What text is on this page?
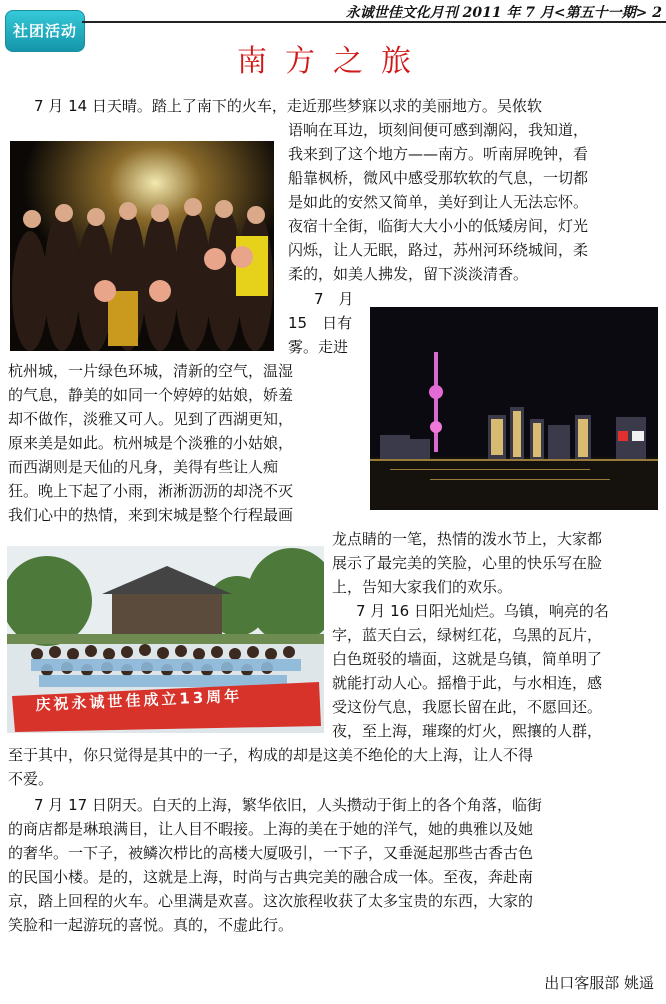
社团活动
永诚世佳文化月刊 2011 年 7 月<第五十一期> 2
南方之旅

7 月 14 日天晴。踏上了南下的火车，走近那些梦寐以求的美丽地方。吴侬软

语响在耳边，顷刻间便可感到潮闷，我知道，

我来到了这个地方——南方。听南屏晚钟，看

船靠枫桥，微风中感受那软软的气息，一切都

是如此的安然又简单，美好到让人无法忘怀。

夜宿十全街，临街大大小小的低矮房间，灯光

闪烁，让人无眠，路过，苏州河环绕城间，柔

柔的，如美人拂发，留下淡淡清香。

7　月

15　日有

雾。走进

杭州城，一片绿色环城，清新的空气，温湿

的气息，静美的如同一个婷婷的姑娘，娇羞

却不做作，淡雅又可人。见到了西湖更知，

原来美是如此。杭州城是个淡雅的小姑娘，

而西湖则是天仙的凡身，美得有些让人痴

狂。晚上下起了小雨，淅淅沥沥的却浇不灭

我们心中的热情，来到宋城是整个行程最画

龙点睛的一笔，热情的泼水节上，大家都

展示了最完美的笑脸，心里的快乐写在脸

上，告知大家我们的欢乐。

7 月 16 日阳光灿烂。乌镇，响亮的名

字，蓝天白云，绿树红花，乌黑的瓦片，

白色斑驳的墙面，这就是乌镇，简单明了

就能打动人心。摇橹于此，与水相连，感

受这份气息，我愿长留在此，不愿回还。

夜，至上海，璀璨的灯火，熙攘的人群，

至于其中，你只觉得是其中的一子，构成的却是这美不绝伦的大上海，让人不得

不爱。

7 月 17 日阴天。白天的上海，繁华依旧，人头攒动于街上的各个角落，临街

的商店都是琳琅满目，让人目不暇接。上海的美在于她的洋气，她的典雅以及她

的奢华。一下子，被鳞次栉比的高楼大厦吸引，一下子，又垂涎起那些古香古色

的民国小楼。是的，这就是上海，时尚与古典完美的融合成一体。至夜，奔赴南

京，踏上回程的火车。心里满是欢喜。这次旅程收获了太多宝贵的东西，大家的

笑脸和一起游玩的喜悦。真的，不虚此行。

庆祝永诚世佳成立13周年
出口客服部 姚遥
